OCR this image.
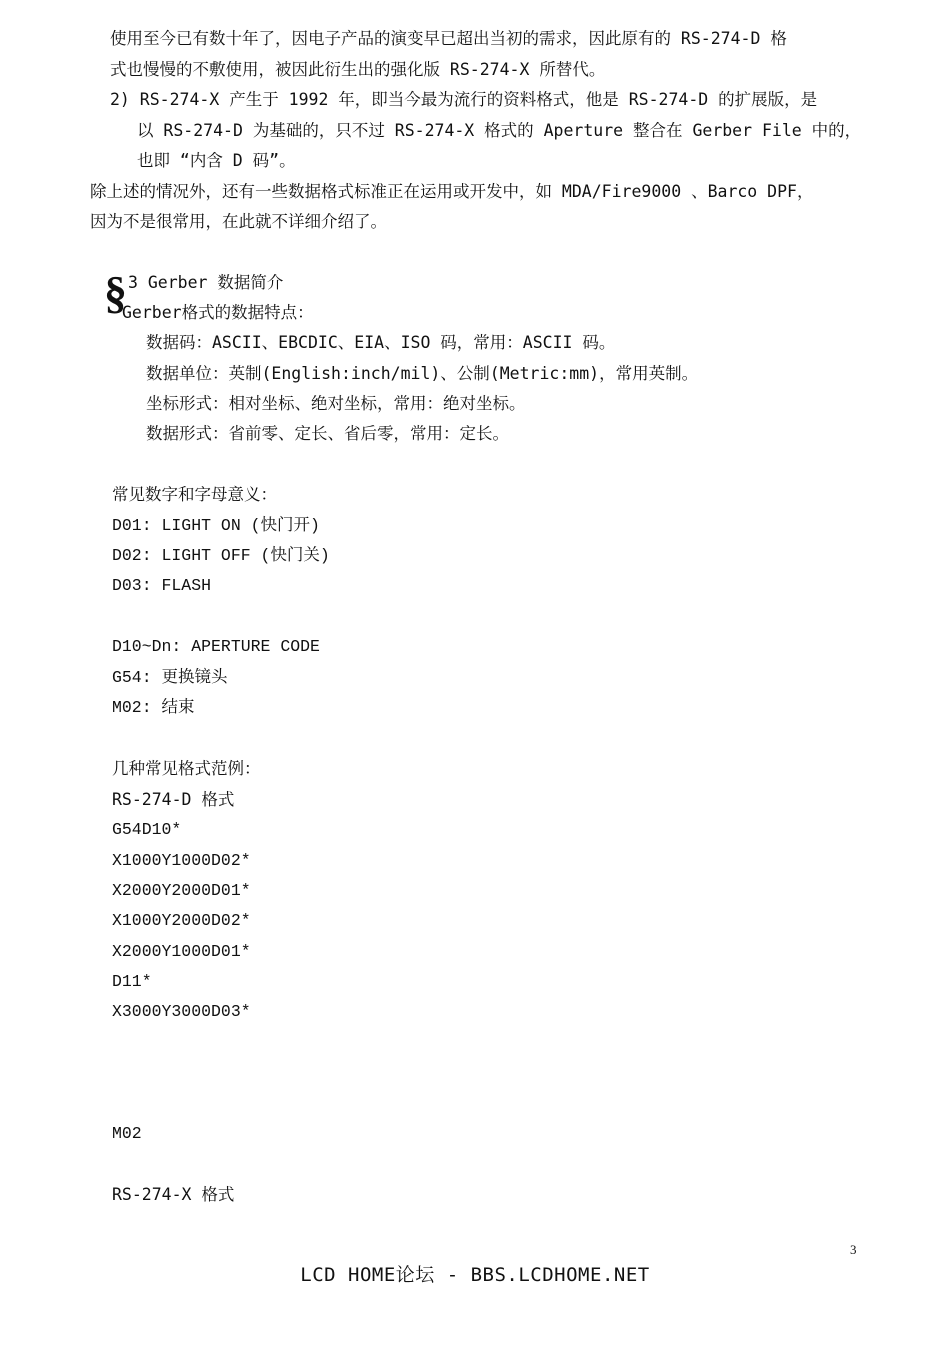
使用至今已有数十年了，因电子产品的演变早已超出当初的需求，因此原有的 RS-274-D 格
式也慢慢的不敷使用，被因此衍生出的强化版 RS-274-X 所替代。
2) RS-274-X 产生于 1992 年，即当今最为流行的资料格式，他是 RS-274-D 的扩展版，是
以 RS-274-D 为基础的，只不过 RS-274-X 格式的 Aperture 整合在 Gerber File 中的，
也即 “内含 D 码”。
除上述的情况外，还有一些数据格式标准正在运用或开发中，如 MDA/Fire9000 、Barco DPF，
因为不是很常用，在此就不详细介绍了。
§ 3 Gerber 数据简介
Gerber格式的数据特点：
数据码：ASCII、EBCDIC、EIA、ISO 码，常用：ASCII 码。
数据单位：英制(English:inch/mil)、公制(Metric:mm)，常用英制。
坐标形式：相对坐标、绝对坐标，常用：绝对坐标。
数据形式：省前零、定长、省后零，常用：定长。
常见数字和字母意义：
D01: LIGHT ON (快门开)
D02: LIGHT OFF (快门关)
D03: FLASH
D10~Dn: APERTURE CODE
G54: 更换镜头
M02: 结束
几种常见格式范例：
RS-274-D 格式
G54D10*
X1000Y1000D02*
X2000Y2000D01*
X1000Y2000D02*
X2000Y1000D01*
D11*
X3000Y3000D03*
M02
RS-274-X 格式
3
LCD HOME论坛 - BBS.LCDHOME.NET
